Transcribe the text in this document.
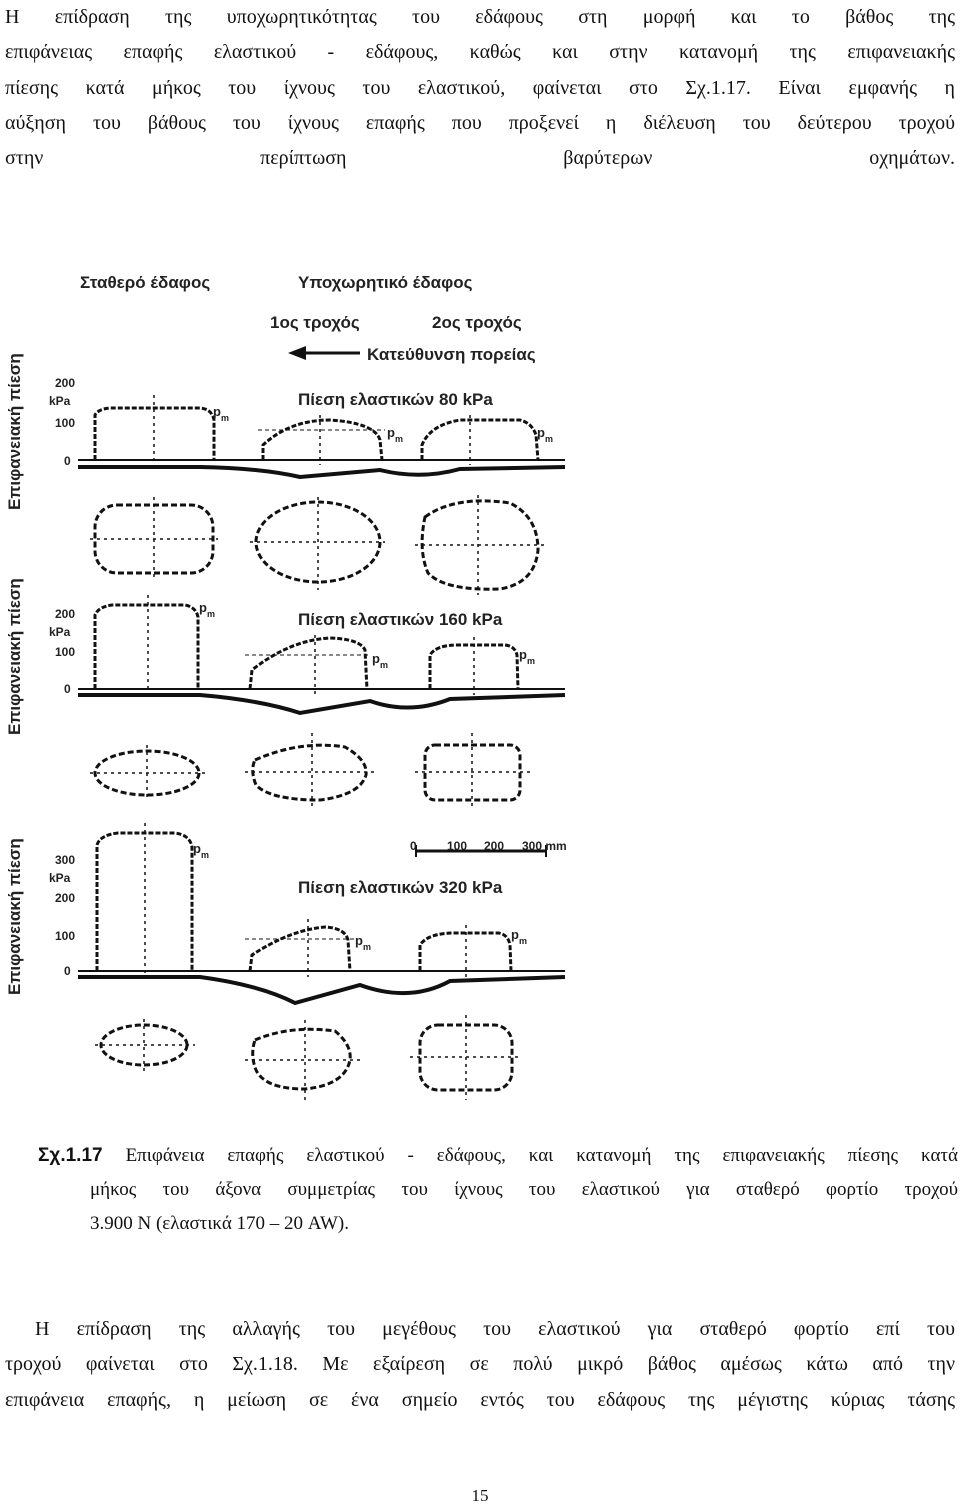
Η επίδραση της υποχωρητικότητας του εδάφους στη μορφή και το βάθος της
επιφάνειας επαφής ελαστικού - εδάφους, καθώς και στην κατανομή της επιφανειακής
πίεσης κατά μήκος του ίχνους του ελαστικού, φαίνεται στο Σχ.1.17. Είναι εμφανής η
αύξηση του βάθους του ίχνους επαφής που προξενεί η διέλευση του δεύτερου τροχού
στην περίπτωση βαρύτερων οχημάτων.
Σταθερό έδαφος	Υποχωρητικό έδαφος
1ος τροχός	2ος τροχός
Κατεύθυνση πορείας
0	100 200 300 mm
Επιφανειακή πίεση	200
kPa
100
0
Πίεση ελαστικών 80 kPa
$p_m$
$p_m$	$p_m$
Επιφανειακή πίεση	200
kPa
100
0
Πίεση ελαστικών 160 kPa
$p_m$
$p_m$
$p_m$
Επιφανειακή πίεση	300
kPa
200
100
0
Πίεση ελαστικών 320 kPa
$p_m$
$p_m$
$p_m$
Σχ.1.17 Επιφάνεια επαφής ελαστικού - εδάφους, και κατανομή της επιφανειακής πίεσης κατά
μήκος του άξονα συμμετρίας του ίχνους του ελαστικού για σταθερό φορτίο τροχού
3.900 N (ελαστικά 170 – 20 AW).
Η επίδραση της αλλαγής του μεγέθους του ελαστικού για σταθερό φορτίο επί του
τροχού φαίνεται στο Σχ.1.18. Με εξαίρεση σε πολύ μικρό βάθος αμέσως κάτω από την
επιφάνεια επαφής, η μείωση σε ένα σημείο εντός του εδάφους της μέγιστης κύριας τάσης
15
